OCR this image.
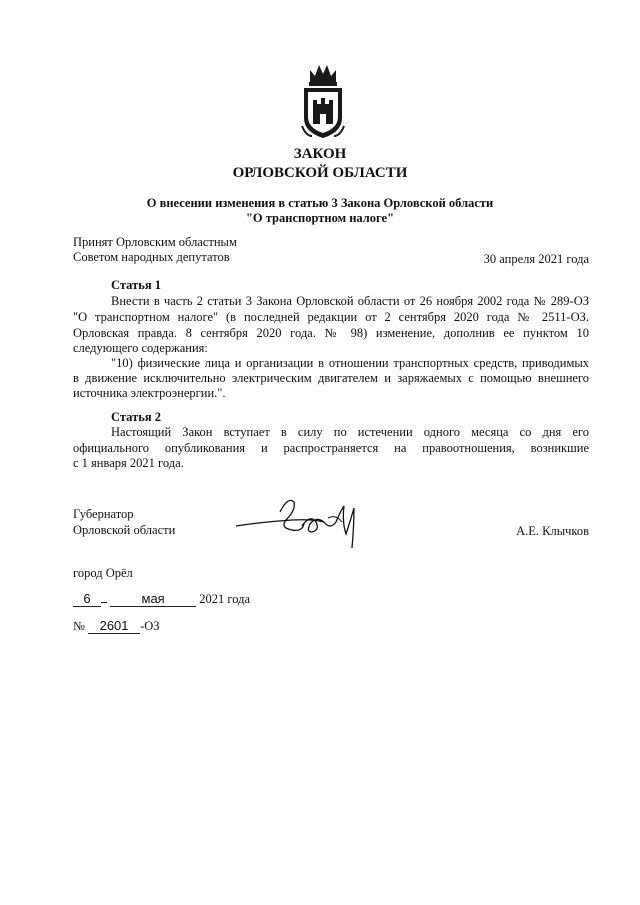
ЗАКОН
ОРЛОВСКОЙ ОБЛАСТИ
О внесении изменения в статью 3 Закона Орловской области
"О транспортном налоге"
Принят Орловским областным
Советом народных депутатов	30 апреля 2021 года
Статья 1
Внести в часть 2 статьи 3 Закона Орловской области от 26 ноября 2002 года № 289-ОЗ
"О транспортном налоге" (в последней редакции от 2 сентября 2020 года № 2511-ОЗ.
Орловская правда. 8 сентября 2020 года. № 98) изменение, дополнив ее пунктом 10
следующего содержания:
"10) физические лица и организации в отношении транспортных средств, приводимых
в движение исключительно электрическим двигателем и заряжаемых с помощью внешнего
источника электроэнергии.".
Статья 2
Настоящий Закон вступает в силу по истечении одного месяца со дня его
официального опубликования и распространяется на правоотношения, возникшие
с 1 января 2021 года.
Губернатор
Орловской области	А.Е. Клычков
город Орёл
6	мая	2021 года
№ 2601 -ОЗ
